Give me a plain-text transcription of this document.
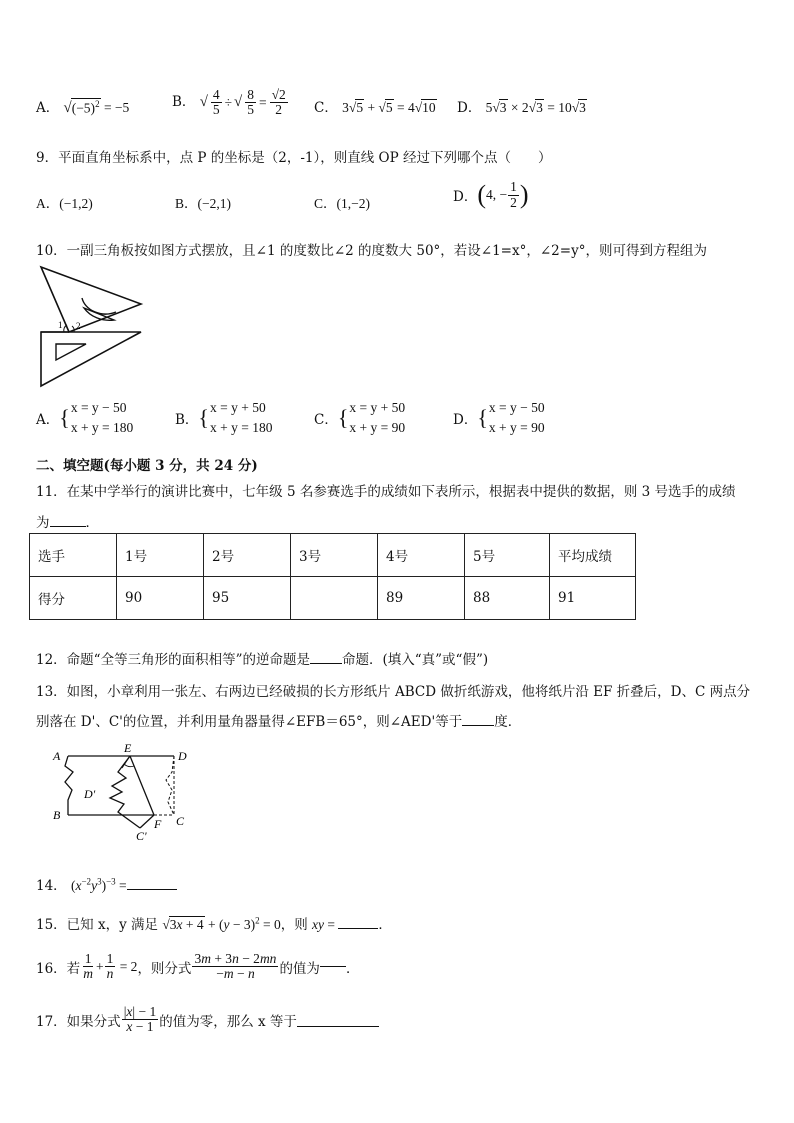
A． $√(-5)^2 = -5$	B． √ $\frac{4}{5}$ ÷ √ $\frac{8}{5} = \frac{√2}{2}$ C． 3√5 + √5 = 4√10 D． 5√3 × 2√3 = 10√3
9．平面直角坐标系中，点 P 的坐标是（2，-1），则直线 OP 经过下列哪个点（　　）
A．(−1,2)	B．(−2,1)	C．(1,−2)	D． ( 4, − $\frac{1}{2}$ )
10．一副三角板按如图方式摆放，且∠1 的度数比∠2 的度数大 50°，若设∠1=x°，∠2=y°，则可得到方程组为
1 2
A． { x = y − 50
x + y = 180	B． { x = y + 50
x + y = 180	C． { x = y + 50
x + y = 90	D． { x = y − 50
x + y = 90
二、填空题(每小题 3 分，共 24 分)
11．在某中学举行的演讲比赛中，七年级 5 名参赛选手的成绩如下表所示，根据表中提供的数据，则 3 号选手的成绩
为	．
选手	1号	2号	3号	4号	5号	平均成绩
得分	90	95		89	88	91
12．命题“全等三角形的面积相等”的逆命题是 命题．(填入“真”或“假”)
13．如图，小章利用一张左、右两边已经破损的长方形纸片 ABCD 做折纸游戏，他将纸片沿 EF 折叠后，D、C 两点分
别落在 D'、C'的位置，并利用量角器量得∠EFB＝65°，则∠AED'等于 度．
A
E
D
D'
B
F C
C'
14． $(x^{-2}y^3)^{-3}$ =
15．已知 x，y 满足 $√3x + 4 + (y - 3)^2 = 0$，则 xy =	．
16．若 $\frac{1}{m} + \frac{1}{n} = 2$ ，则分式 $\frac{3m + 3n - 2mn}{-m - n}$ 的值为 ．
17．如果分式 $\frac{|x| - 1}{x - 1}$ 的值为零，那么 x 等于
